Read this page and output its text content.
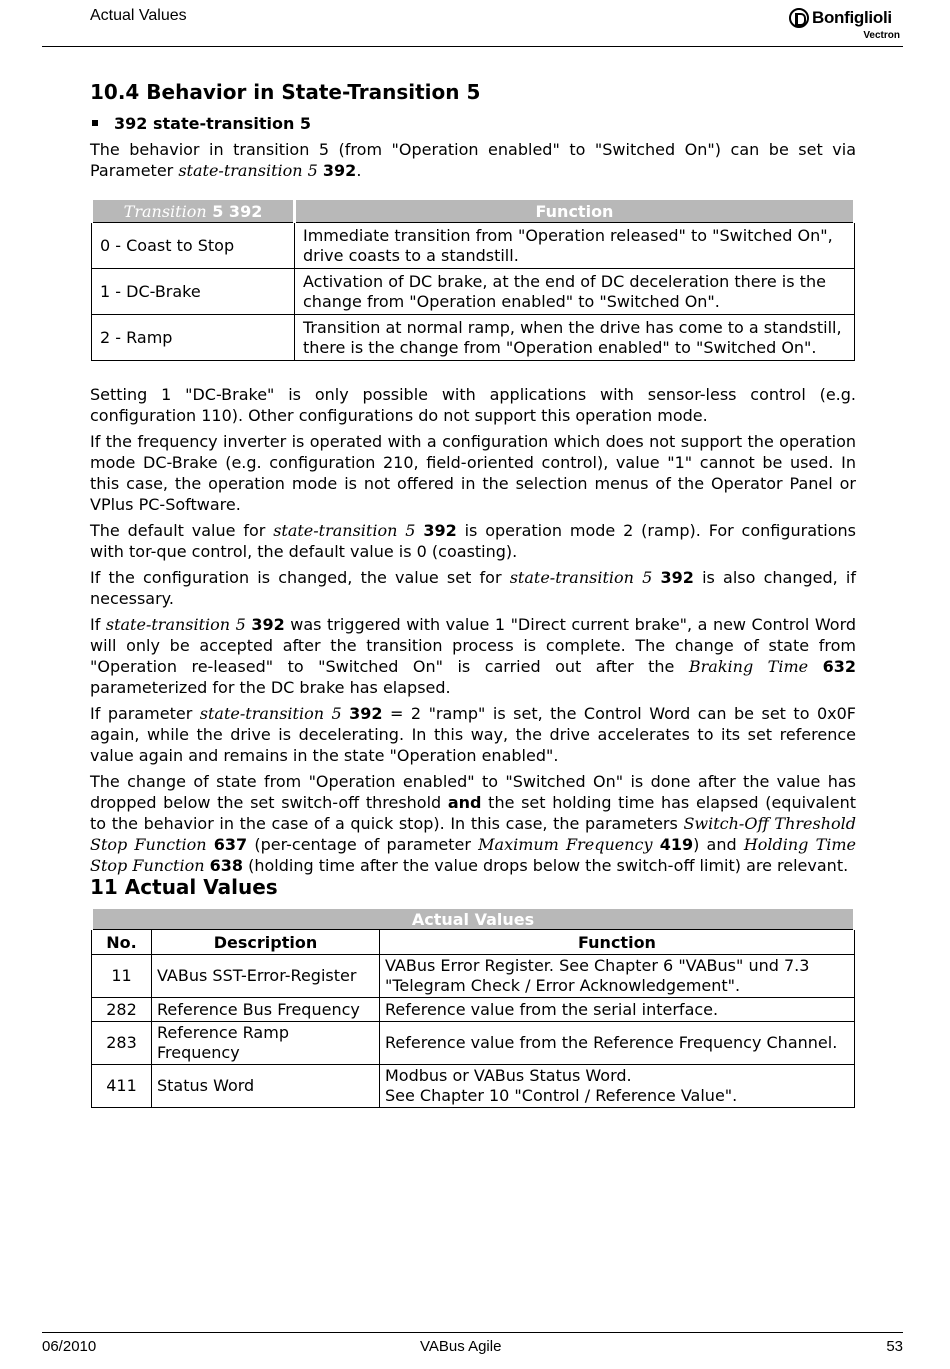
Actual Values	Bonfiglioli
Vectron
10.4 Behavior in State-Transition 5
392 state-transition 5

The behavior in transition 5 (from "Operation enabled" to "Switched On") can be set via Parameter state-transition 5 392.

Transition 5 392	Function
0 - Coast to Stop	Immediate transition from "Operation released" to "Switched On", drive coasts to a standstill.
1 - DC-Brake	Activation of DC brake, at the end of DC deceleration there is the change from "Operation enabled" to "Switched On".
2 - Ramp	Transition at normal ramp, when the drive has come to a standstill, there is the change from "Operation enabled" to "Switched On".

Setting 1 "DC-Brake" is only possible with applications with sensor-less control (e.g. configuration 110). Other configurations do not support this operation mode.

If the frequency inverter is operated with a configuration which does not support the operation mode DC-Brake (e.g. configuration 210, field-oriented control), value "1" cannot be used. In this case, the operation mode is not offered in the selection menus of the Operator Panel or VPlus PC-Software.

The default value for state-transition 5 392 is operation mode 2 (ramp). For configurations with tor-que control, the default value is 0 (coasting).

If the configuration is changed, the value set for state-transition 5 392 is also changed, if necessary.

If state-transition 5 392 was triggered with value 1 "Direct current brake", a new Control Word will only be accepted after the transition process is complete. The change of state from "Operation re-leased" to "Switched On" is carried out after the Braking Time 632 parameterized for the DC brake has elapsed.

If parameter state-transition 5 392 = 2 "ramp" is set, the Control Word can be set to 0x0F again, while the drive is decelerating. In this way, the drive accelerates to its set reference value again and remains in the state "Operation enabled".

The change of state from "Operation enabled" to "Switched On" is done after the value has dropped below the set switch-off threshold and the set holding time has elapsed (equivalent to the behavior in the case of a quick stop). In this case, the parameters Switch-Off Threshold Stop Function 637 (per-centage of parameter Maximum Frequency 419) and Holding Time Stop Function 638 (holding time after the value drops below the switch-off limit) are relevant.

11 Actual Values
Actual Values		
No.	Description	Function
11	VABus SST-Error-Register	VABus Error Register. See Chapter 6 "VABus" und 7.3
"Telegram Check / Error Acknowledgement".

282	Reference Bus Frequency	Reference value from the serial interface.
283	Reference Ramp Frequency	Reference value from the Reference Frequency Channel.
411	Status Word	Modbus or VABus Status Word.
See Chapter 10 "Control / Reference Value".
06/2010	VABus Agile	53
